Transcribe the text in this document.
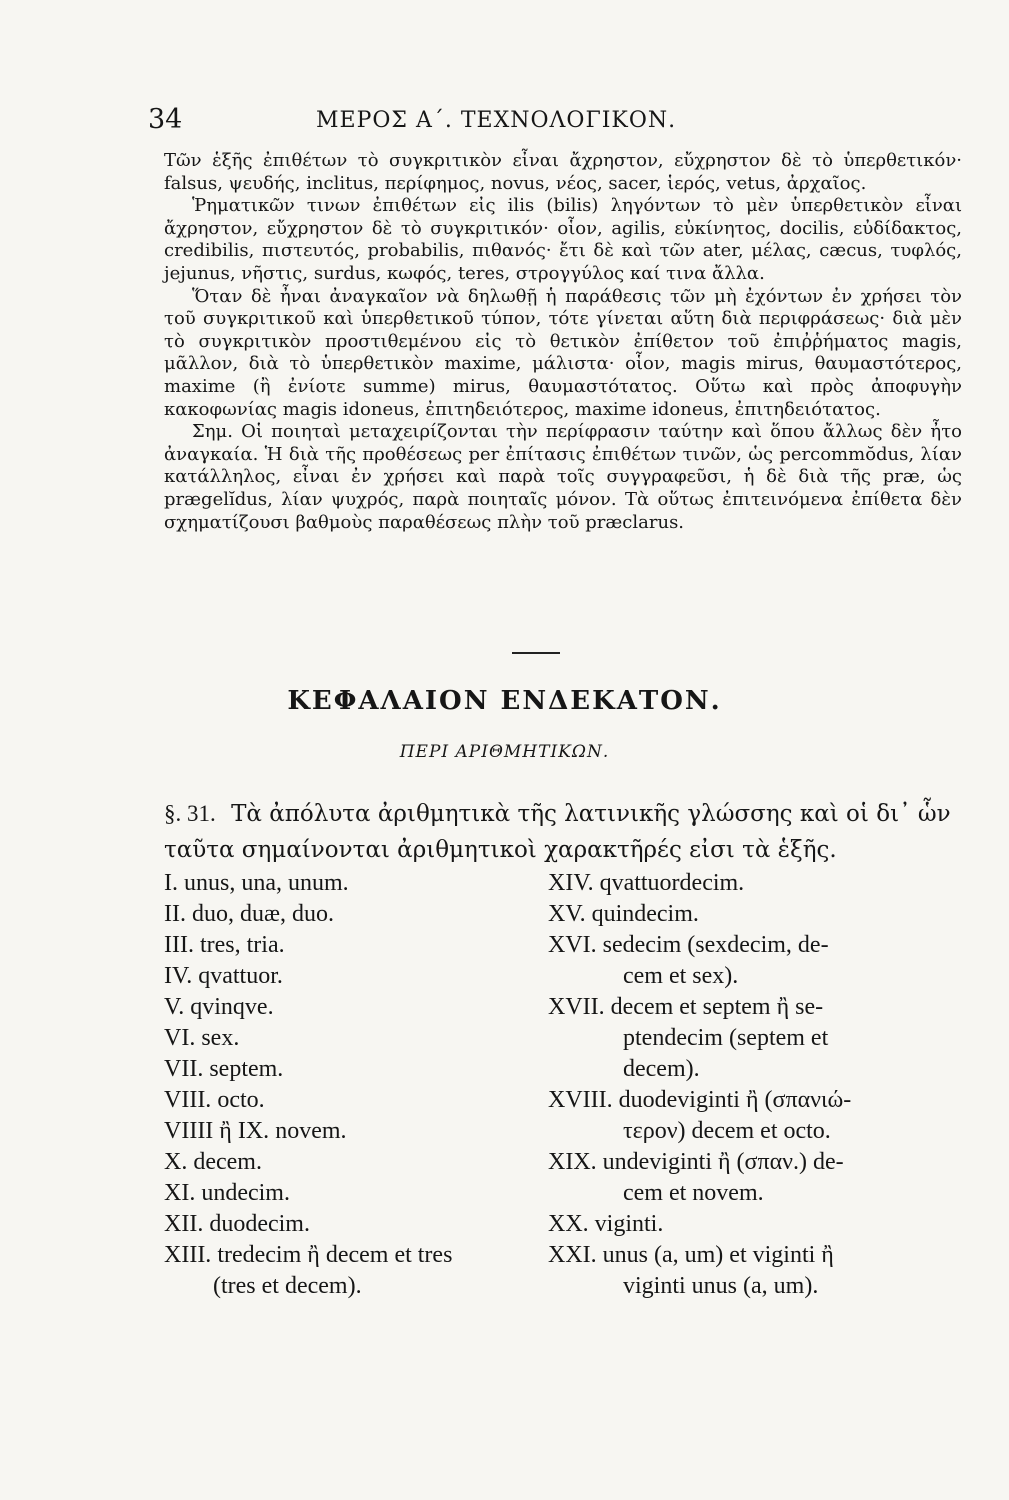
34	ΜΕΡΟΣ Α΄. ΤΕΧΝΟΛΟΓΙΚΟΝ.

Τῶν ἑξῆς ἐπιθέτων τὸ συγκριτικὸν εἶναι ἄχρηστον, εὔχρηστον δὲ τὸ ὑπερθετικόν· falsus, ψευδής, inclitus, περίφημος, novus, νέος, sacer, ἱερός, vetus, ἀρχαῖος.

Ῥηματικῶν τινων ἐπιθέτων εἰς ilis (bilis) ληγόντων τὸ μὲν ὑπερθετικὸν εἶναι ἄχρηστον, εὔχρηστον δὲ τὸ συγκριτικόν· οἷον, agilis, εὐκίνητος, docilis, εὐδίδακτος, credibilis, πιστευτός, probabilis, πιθανός· ἔτι δὲ καὶ τῶν ater, μέλας, cæcus, τυφλός, jejunus, νῆστις, surdus, κωφός, teres, στρογγύλος καί τινα ἄλλα.

Ὅταν δὲ ἦναι ἀναγκαῖον νὰ δηλωθῇ ἡ παράθεσις τῶν μὴ ἐχόντων ἐν χρήσει τὸν τοῦ συγκριτικοῦ καὶ ὑπερθετικοῦ τύπον, τότε γίνεται αὕτη διὰ περιφράσεως· διὰ μὲν τὸ συγκριτικὸν προστιθεμένου εἰς τὸ θετικὸν ἐπίθετον τοῦ ἐπιῤῥήματος magis, μᾶλλον, διὰ τὸ ὑπερθετικὸν maxime, μάλιστα· οἷον, magis mirus, θαυμαστότερος, maxime (ἢ ἐνίοτε summe) mirus, θαυμαστότατος. Οὕτω καὶ πρὸς ἀποφυγὴν κακοφωνίας magis idoneus, ἐπιτηδειότερος, maxime idoneus, ἐπιτηδειότατος.

Σημ. Οἱ ποιηταὶ μεταχειρίζονται τὴν περίφρασιν ταύτην καὶ ὅπου ἄλλως δὲν ἦτο ἀναγκαία. Ἡ διὰ τῆς προθέσεως per ἐπίτασις ἐπιθέτων τινῶν, ὡς percommŏdus, λίαν κατάλληλος, εἶναι ἐν χρήσει καὶ παρὰ τοῖς συγγραφεῦσι, ἡ δὲ διὰ τῆς præ, ὡς prægelĭdus, λίαν ψυχρός, παρὰ ποιηταῖς μόνον. Τὰ οὕτως ἐπιτεινόμενα ἐπίθετα δὲν σχηματίζουσι βαθμοὺς παραθέσεως πλὴν τοῦ præclarus.

ΚΕΦΑΛΑΙΟΝ ΕΝΔΕΚΑΤΟΝ.
ΠΕΡΙ ΑΡΙΘΜΗΤΙΚΩΝ.
§. 31. Τὰ ἀπόλυτα ἀριθμητικὰ τῆς λατινικῆς γλώσσης καὶ οἱ δι᾽ ὧν ταῦτα σημαίνονται ἀριθμητικοὶ χαρακτῆρές εἰσι τὰ ἑξῆς.
I. unus, una, unum.
II. duo, duæ, duo.
III. tres, tria.
IV. qvattuor.
V. qvinqve.
VI. sex.
VII. septem.
VIII. octo.
VIIII ἢ IX. novem.
X. decem.
XI. undecim.
XII. duodecim.
XIII. tredecim ἢ decem et tres
(tres et decem).
XIV. qvattuordecim.
XV. quindecim.
XVI. sedecim (sexdecim, de-
cem et sex).
XVII. decem et septem ἢ se-
ptendecim (septem et
decem).
XVIII. duodeviginti ἢ (σπανιώ-
τερον) decem et octo.
XIX. undeviginti ἢ (σπαν.) de-
cem et novem.
XX. viginti.
XXI. unus (a, um) et viginti ἢ
viginti unus (a, um).
